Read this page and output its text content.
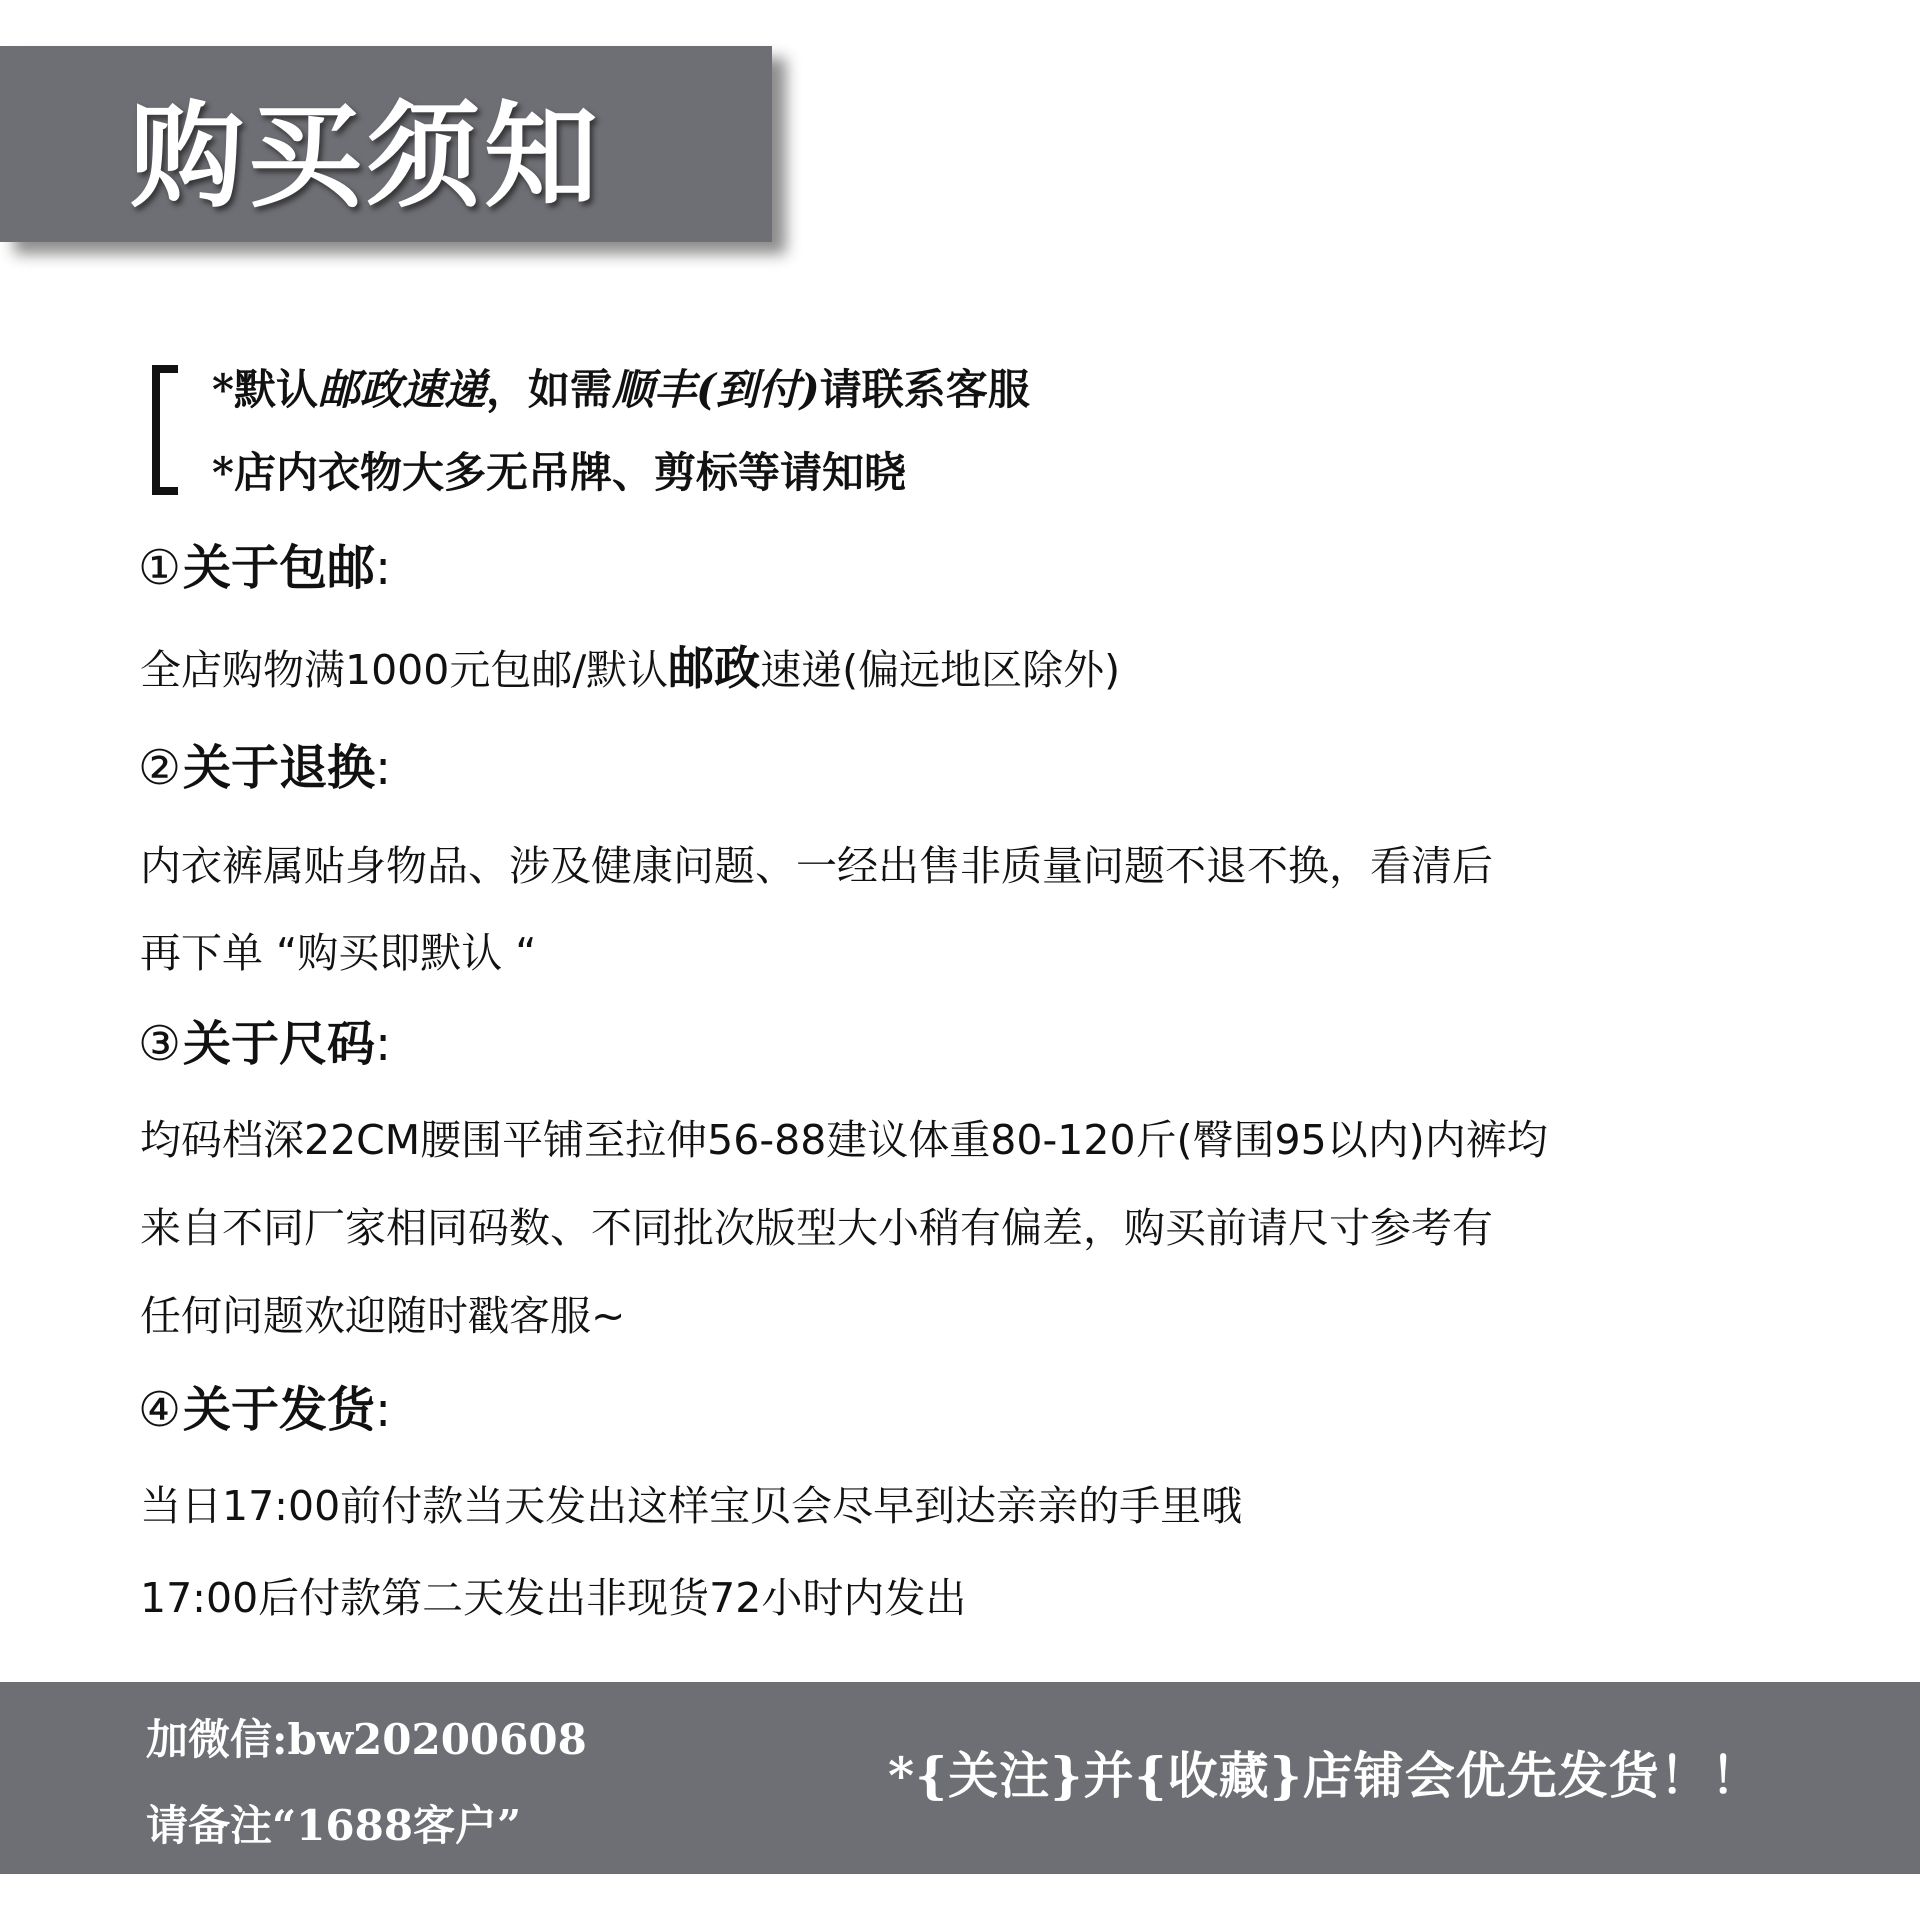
购买须知
*默认邮政速递，如需顺丰(到付)请联系客服
*店内衣物大多无吊牌、剪标等请知晓
①关于包邮:
全店购物满1000元包邮/默认邮政速递(偏远地区除外)
②关于退换:
内衣裤属贴身物品、涉及健康问题、一经出售非质量问题不退不换，看清后
再下单 “购买即默认 “
③关于尺码:
均码档深22CM腰围平铺至拉伸56-88建议体重80-120斤(臀围95以内)内裤均
来自不同厂家相同码数、不同批次版型大小稍有偏差，购买前请尺寸参考有
任何问题欢迎随时戳客服~
④关于发货:
当日17:00前付款当天发出这样宝贝会尽早到达亲亲的手里哦
17:00后付款第二天发出非现货72小时内发出
加微信:bw20200608
请备注“1688客户”
*{关注}并{收藏}店铺会优先发货！！
